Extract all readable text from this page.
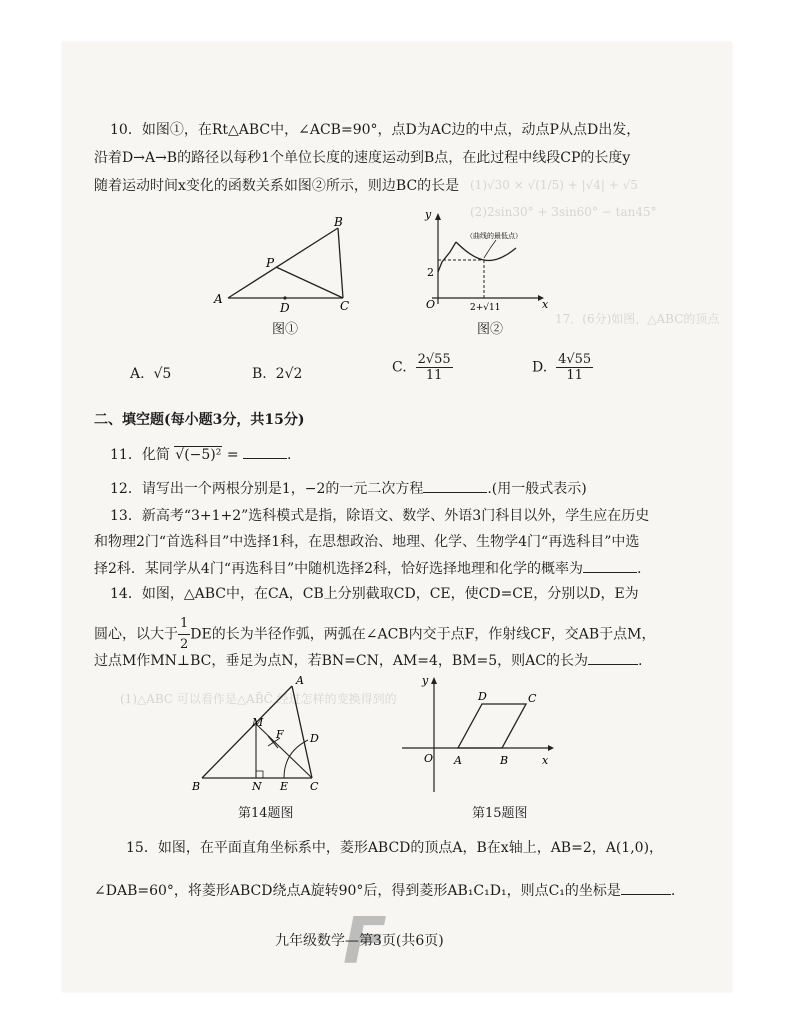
(1)√30 × √(1/5) + |√4| + √5
(2)2sin30° + 3sin60° − tan45°
17．(6分)如图，△ABC的顶点
(1)△ABC 可以看作是△AB̄C̄ 经过怎样的变换得到的
10．如图①，在Rt△ABC中，∠ACB=90°，点D为AC边的中点，动点P从点D出发，
沿着D→A→B的路径以每秒1个单位长度的速度运动到B点，在此过程中线段CP的长度y
随着运动时间x变化的函数关系如图②所示，则边BC的长是
A
B
C
D
P
图①
y
x
O
2
2+√11
（曲线的最低点）
图②
A. √5	B. 2√2	C. $\frac{2√55}{11}$	D. $\frac{4√55}{11}$
二、填空题(每小题3分，共15分)
11．化简 √(−5)² =	.
12．请写出一个两根分别是1，−2的一元二次方程	.(用一般式表示)
13．新高考“3+1+2”选科模式是指，除语文、数学、外语3门科目以外，学生应在历史
和物理2门“首选科目”中选择1科，在思想政治、地理、化学、生物学4门“再选科目”中选
择2科．某同学从4门“再选科目”中随机选择2科，恰好选择地理和化学的概率为	.
14．如图，△ABC中，在CA，CB上分别截取CD，CE，使CD=CE，分别以D，E为
圆心，以大于 $\frac{1}{2}$ DE的长为半径作弧，两弧在∠ACB内交于点F，作射线CF，交AB于点M，
过点M作MN⊥BC，垂足为点N，若BN=CN，AM=4，BM=5，则AC的长为	.
M
A
B	C
D
E
F
N
第14题图
y
x
O A	B
C
D
第15题图
15．如图，在平面直角坐标系中，菱形ABCD的顶点A，B在x轴上，AB=2，A(1,0)，
∠DAB=60°，将菱形ABCD绕点A旋转90°后，得到菱形AB₁C₁D₁，则点C₁的坐标是	.
F
九年级数学—第3页(共6页)
